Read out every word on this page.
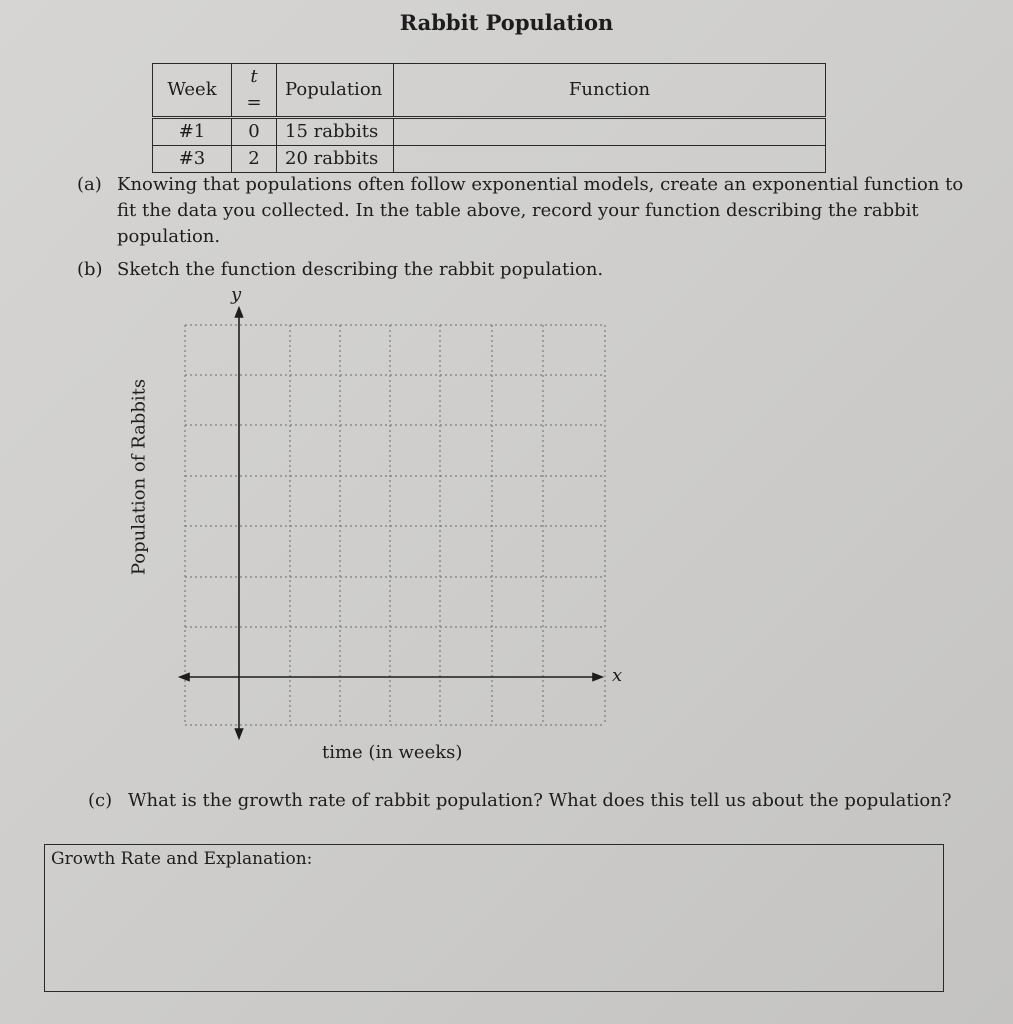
Rabbit Population
Week	t =	Population	Function
#1	0	15 rabbits	
#3	2	20 rabbits	
(a) Knowing that populations often follow exponential models, create an exponential function to fit the data you collected. In the table above, record your function describing the rabbit population.
(b) Sketch the function describing the rabbit population.
y
x
Population of Rabbits
time (in weeks)
(c) What is the growth rate of rabbit population? What does this tell us about the population?
Growth Rate and Explanation:
